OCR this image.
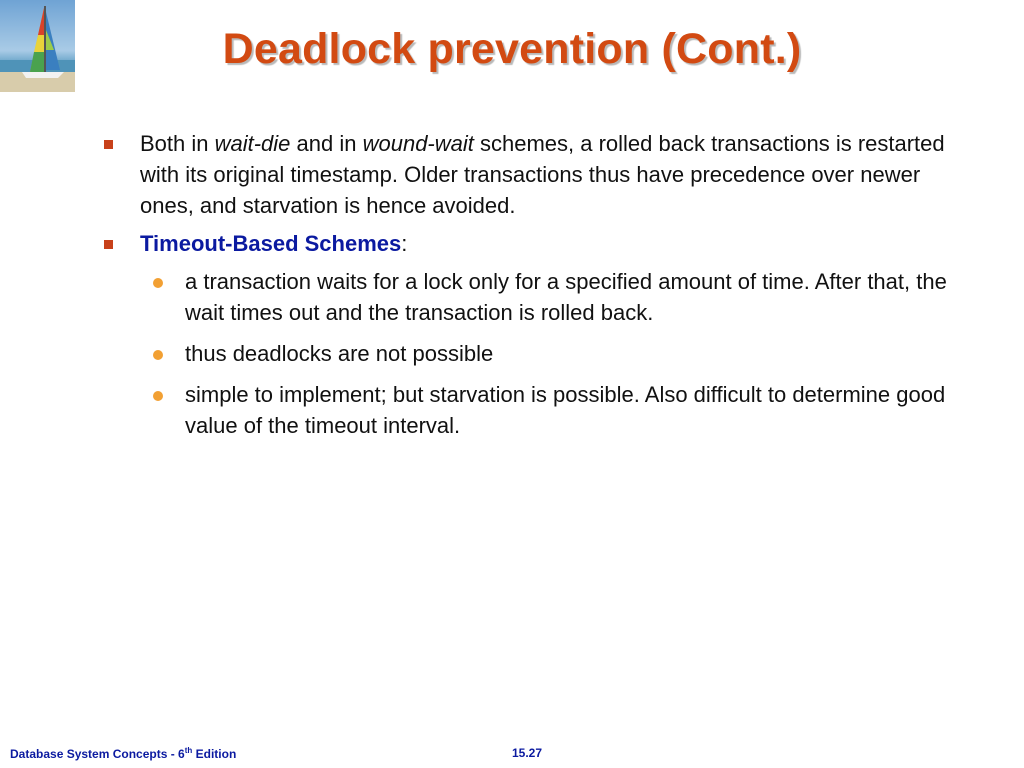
Deadlock prevention (Cont.)
Both in wait-die and in wound-wait schemes, a rolled back transactions is restarted with its original timestamp. Older transactions thus have precedence over newer ones, and starvation is hence avoided.
Timeout-Based Schemes:
a transaction waits for a lock only for a specified amount of time. After that, the wait times out and the transaction is rolled back.
thus deadlocks are not possible
simple to implement; but starvation is possible. Also difficult to determine good value of the timeout interval.
Database System Concepts - 6th Edition	15.27
